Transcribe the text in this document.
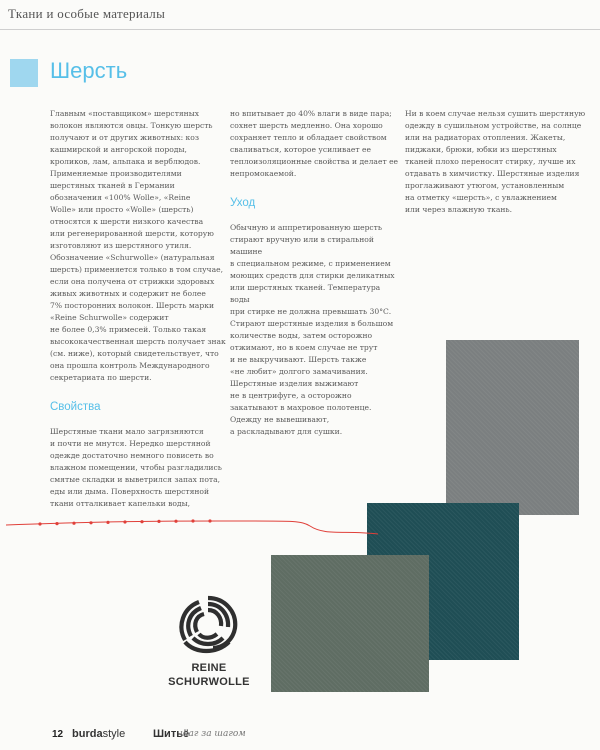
Ткани и особые материалы
Шерсть

Главным «поставщиком» шерстяных
волокон являются овцы. Тонкую шерсть
получают и от других животных: коз
кашмирской и ангорской породы,
кроликов, лам, альпака и верблюдов.
Применяемые производителями
шерстяных тканей в Германии
обозначения «100% Wolle», «Reine
Wolle» или просто «Wolle» (шерсть)
относятся к шерсти низкого качества
или регенерированной шерсти, которую
изготовляют из шерстяного утиля.
Обозначение «Schurwolle» (натуральная
шерсть) применяется только в том случае,
если она получена от стрижки здоровых
живых животных и содержит не более
7% посторонних волокон. Шерсть марки
«Reine Schurwolle» содержит
не более 0,3% примесей. Только такая
высококачественная шерсть получает знак
(см. ниже), который свидетельствует, что
она прошла контроль Международного
секретариата по шерсти.

Свойства

Шерстяные ткани мало загрязняются
и почти не мнутся. Нередко шерстяной
одежде достаточно немного повисеть во
влажном помещении, чтобы разгладились
смятые складки и выветрился запах пота,
еды или дыма. Поверхность шерстяной
ткани отталкивает капельки воды,

но впитывает до 40% влаги в виде пара;
сохнет шерсть медленно. Она хорошо
сохраняет тепло и обладает свойством
сваливаться, которое усиливает ее
теплоизоляционные свойства и делает ее
непромокаемой.

Уход

Обычную и аппретированную шерсть
стирают вручную или в стиральной машине
в специальном режиме, с применением
моющих средств для стирки деликатных
или шерстяных тканей. Температура воды
при стирке не должна превышать 30°С.
Стирают шерстяные изделия в большом
количестве воды, затем осторожно
отжимают, но в коем случае не трут
и не выкручивают. Шерсть также
«не любит» долгого замачивания.
Шерстяные изделия выжимают
не в центрифуге, а осторожно
закатывают в махровое полотенце.
Одежду не вывешивают,
а раскладывают для сушки.

Ни в коем случае нельзя сушить шерстяную
одежду в сушильном устройстве, на солнце
или на радиаторах отопления. Жакеты,
пиджаки, брюки, юбки из шерстяных
тканей плохо переносят стирку, лучше их
отдавать в химчистку. Шерстяные изделия
проглаживают утюгом, установленным
на отметку «шерсть», с увлажнением
или через влажную ткань.

REINE
SCHURWOLLE
12 burdastyle	Шитьё
шаг за шагом
